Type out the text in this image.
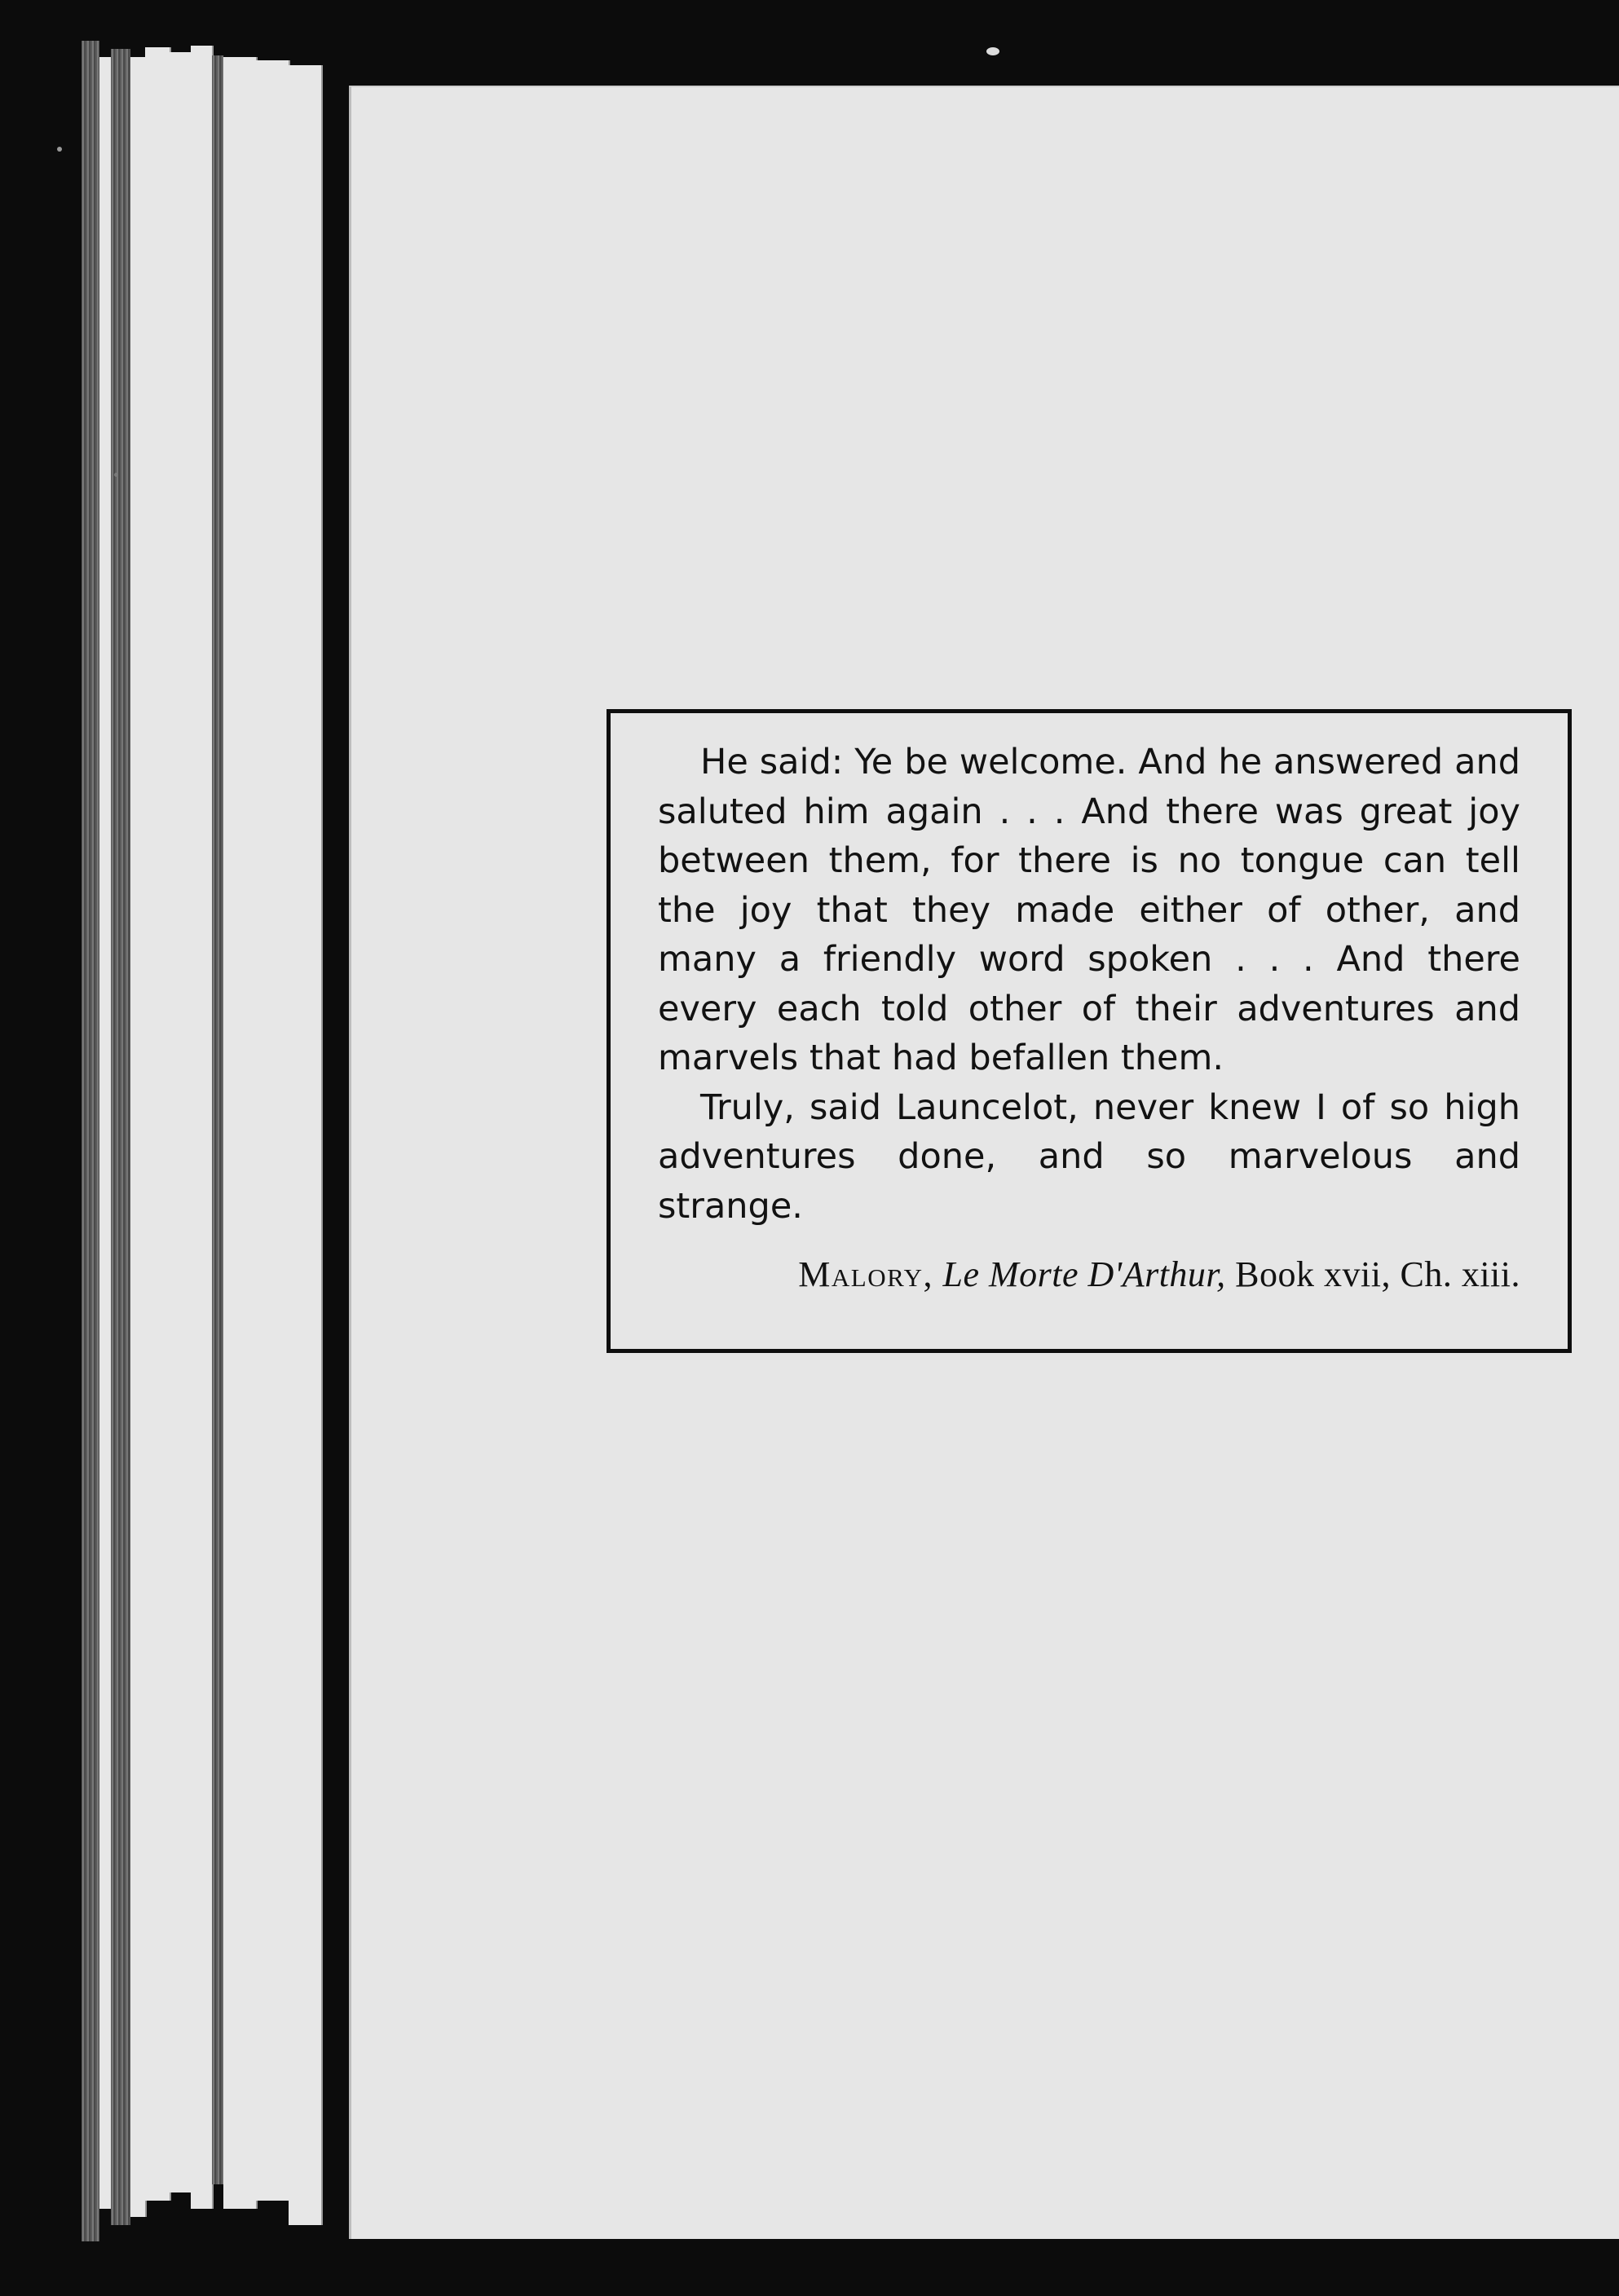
He said: Ye be welcome. And he answered and saluted him again . . . And there was great joy between them, for there is no tongue can tell the joy that they made either of other, and many a friendly word spoken . . . And there every each told other of their adventures and marvels that had befallen them.

Truly, said Launcelot, never knew I of so high adventures done, and so marvelous and strange.

Malory, Le Morte D'Arthur, Book xvii, Ch. xiii.
